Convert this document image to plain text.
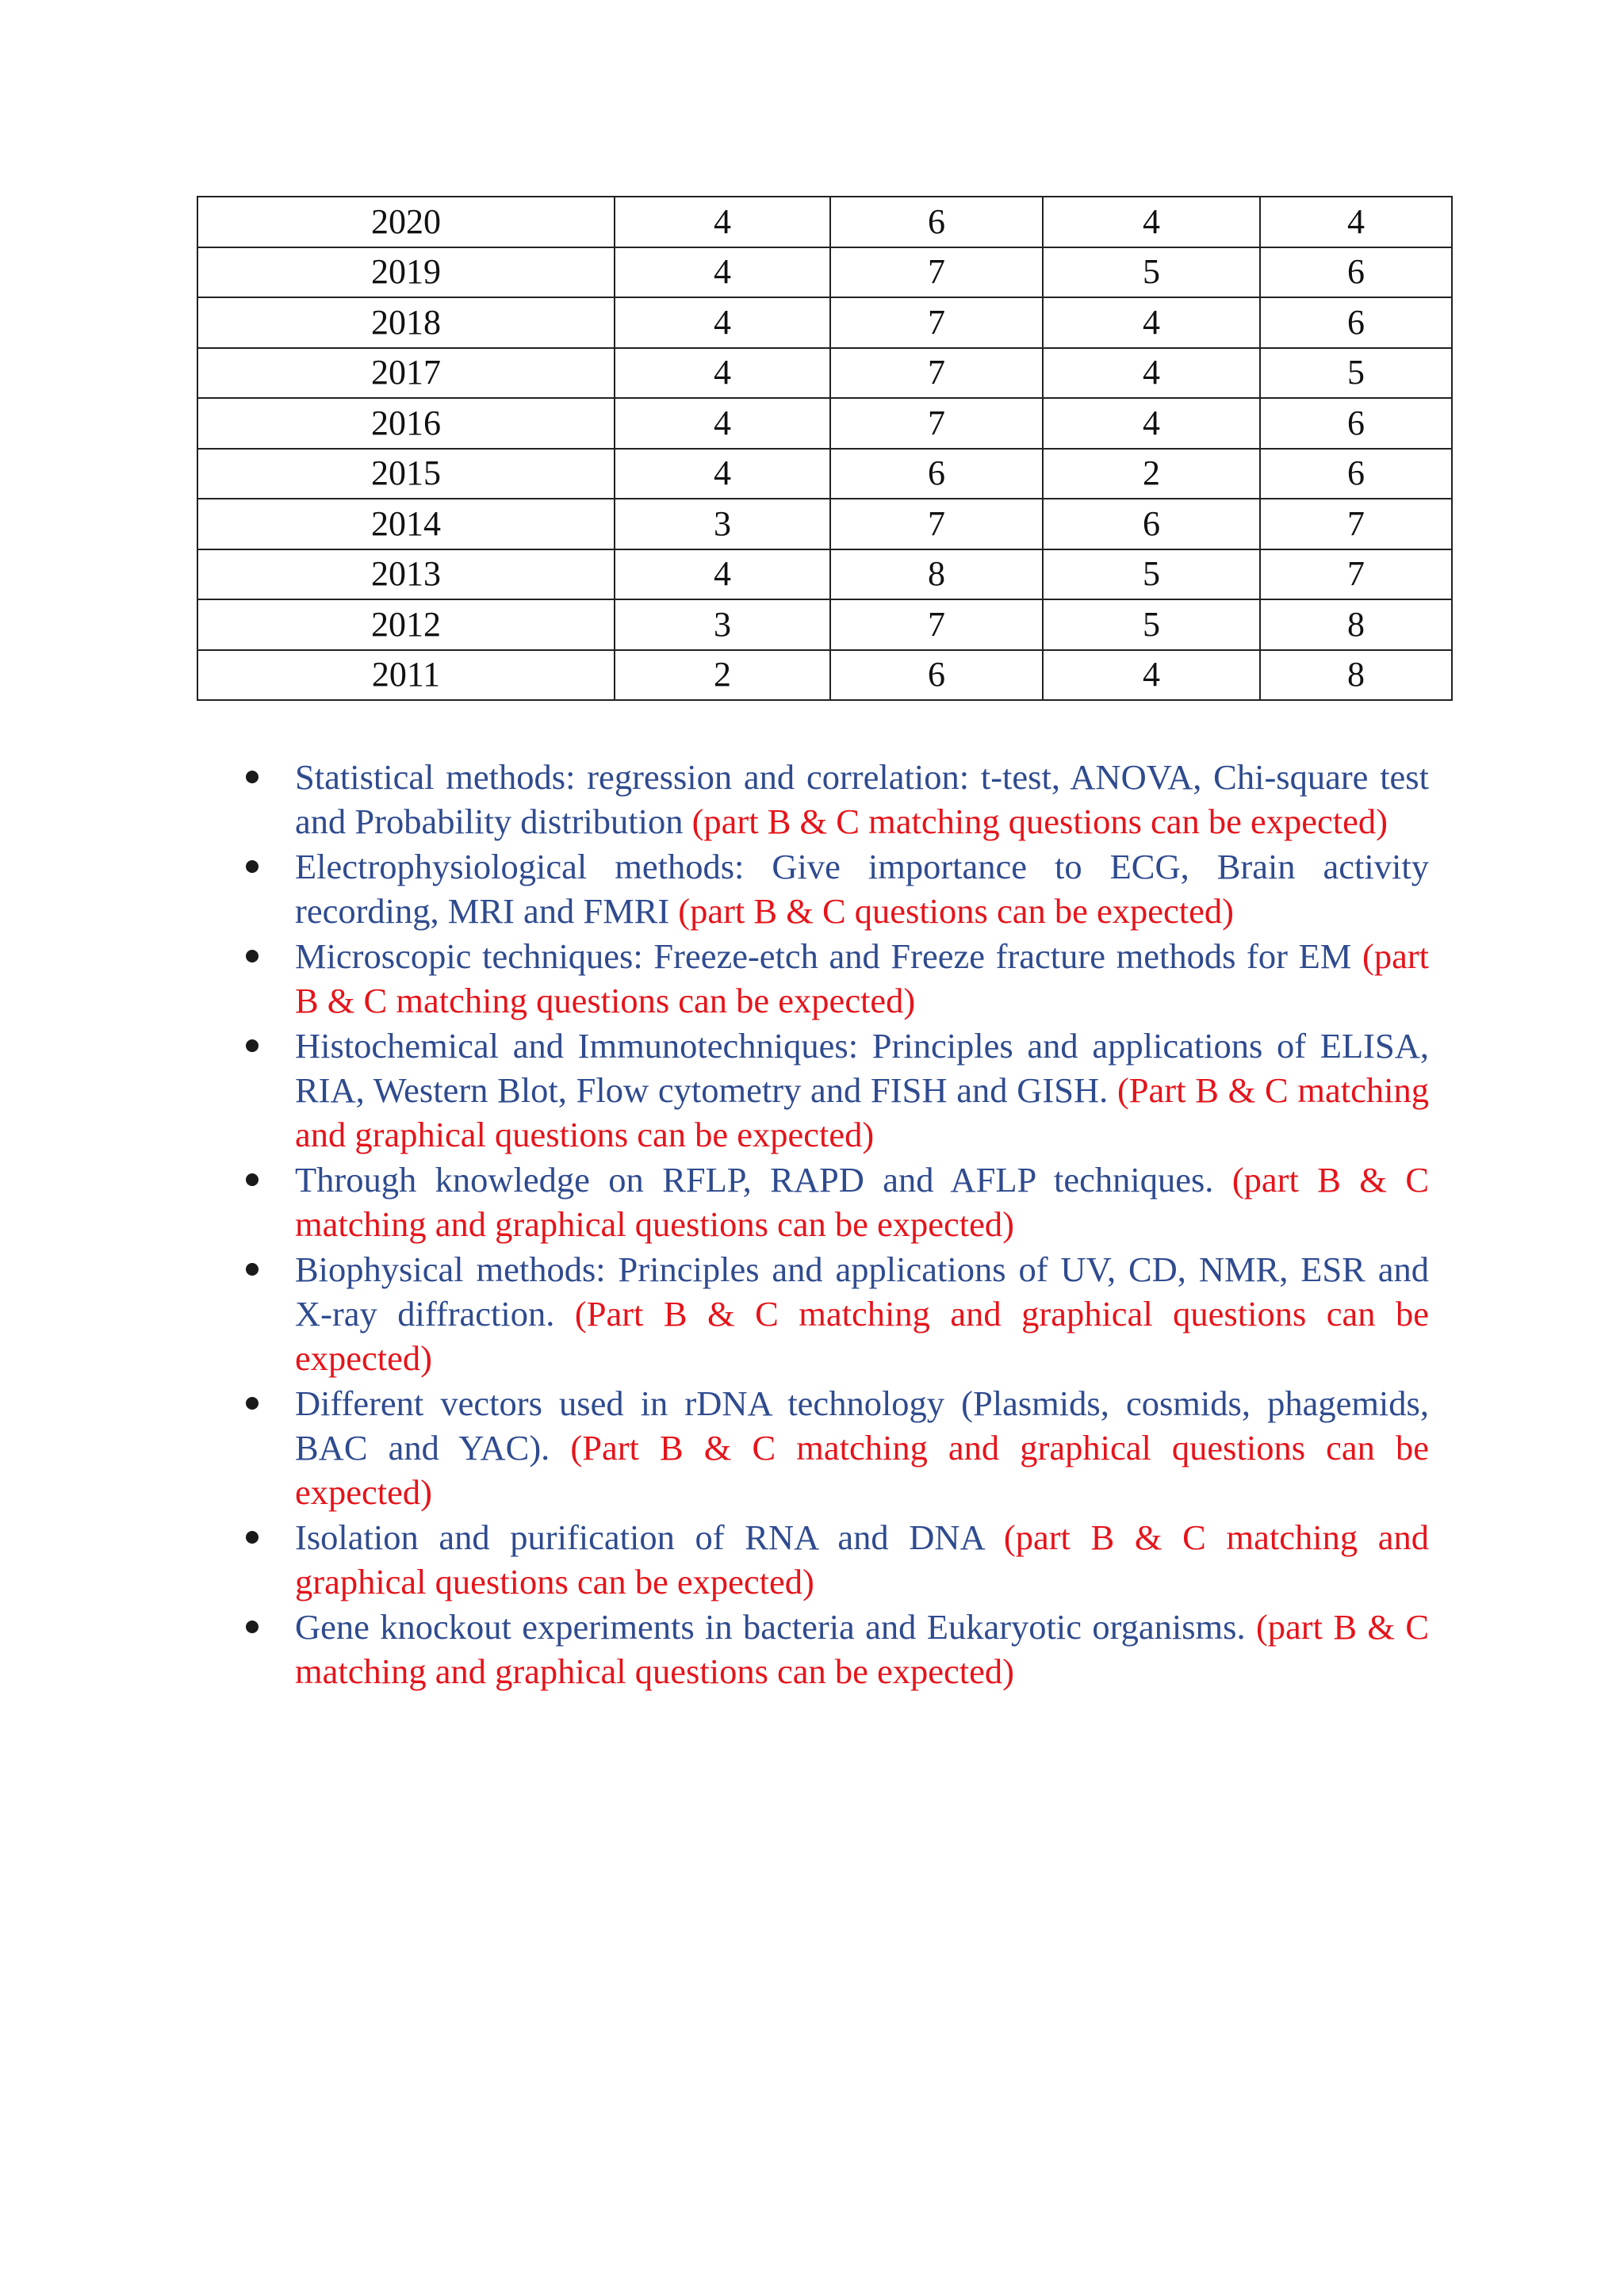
2020	4	6	4	4
2019	4	7	5	6
2018	4	7	4	6
2017	4	7	4	5
2016	4	7	4	6
2015	4	6	2	6
2014	3	7	6	7
2013	4	8	5	7
2012	3	7	5	8
2011	2	6	4	8
Statistical methods: regression and correlation: t-test, ANOVA, Chi-square test and Probability distribution (part B & C matching questions can be expected)
Electrophysiological methods: Give importance to ECG, Brain activity recording, MRI and FMRI (part B & C questions can be expected)
Microscopic techniques: Freeze-etch and Freeze fracture methods for EM (part B & C matching questions can be expected)
Histochemical and Immunotechniques: Principles and applications of ELISA, RIA, Western Blot, Flow cytometry and FISH and GISH. (Part B & C matching and graphical questions can be expected)
Through knowledge on RFLP, RAPD and AFLP techniques. (part B & C matching and graphical questions can be expected)
Biophysical methods: Principles and applications of UV, CD, NMR, ESR and X-ray diffraction. (Part B & C matching and graphical questions can be expected)
Different vectors used in rDNA technology (Plasmids, cosmids, phagemids, BAC and YAC). (Part B & C matching and graphical questions can be expected)
Isolation and purification of RNA and DNA (part B & C matching and graphical questions can be expected)
Gene knockout experiments in bacteria and Eukaryotic organisms. (part B & C matching and graphical questions can be expected)
